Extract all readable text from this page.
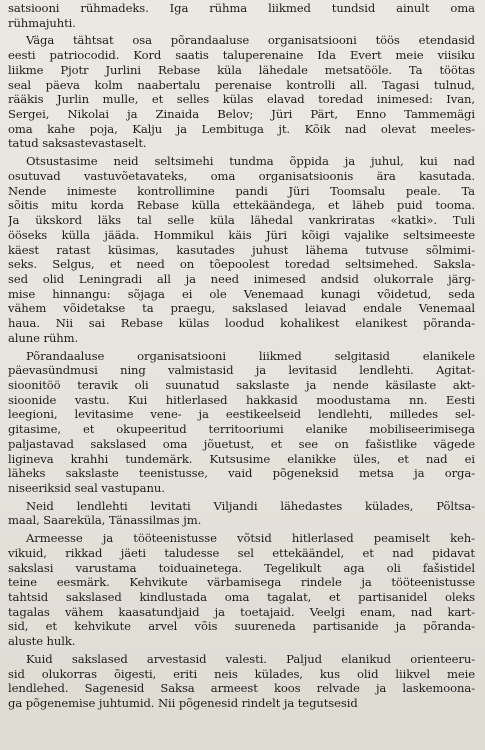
satsiooni rühmadeks. Iga rühma liikmed tundsid ainult oma
rühmajuhti.
Väga tähtsat osa põrandaaluse organisatsiooni töös etendasid
eesti patriocodid. Kord saatis taluperenaine Ida Evert meie viisiku
liikme Pjotr Jurlini Rebase küla lähedale metsatööle. Ta töötas
seal päeva kolm naabertalu perenaise kontrolli all. Tagasi tulnud,
rääkis Jurlin mulle, et selles külas elavad toredad inimesed: Ivan,
Sergei, Nikolai ja Zinaida Belov; Jüri Pärt, Enno Tammemägi
oma kahe poja, Kalju ja Lembituga jt. Kõik nad olevat meeles-
tatud saksastevastaselt.
Otsustasime neid seltsimehi tundma õppida ja juhul, kui nad
osutuvad vastuvõetavateks, oma organisatsioonis ära kasutada.
Nende inimeste kontrollimine pandi Jüri Toomsalu peale. Ta
sõitis mitu korda Rebase külla ettekäändega, et läheb puid tooma.
Ja ükskord läks tal selle küla lähedal vankriratas «katki». Tuli
ööseks külla jääda. Hommikul käis Jüri kõigi vajalike seltsimeeste
käest ratast küsimas, kasutades juhust lähema tutvuse sõlmimi-
seks. Selgus, et need on tõepoolest toredad seltsimehed. Saksla-
sed olid Leningradi all ja need inimesed andsid olukorrale järg-
mise hinnangu: sõjaga ei ole Venemaad kunagi võidetud, seda
vähem võidetakse ta praegu, sakslased leiavad endale Venemaal
haua. Nii sai Rebase külas loodud kohalikest elanikest põranda-
alune rühm.
Põrandaaluse organisatsiooni liikmed selgitasid elanikele
päevasündmusi ning valmistasid ja levitasid lendlehti. Agitat-
sioonitöö teravik oli suunatud sakslaste ja nende käsilaste akt-
sioonide vastu. Kui hitlerlased hakkasid moodustama nn. Eesti
leegioni, levitasime vene- ja eestikeelseid lendlehti, milledes sel-
gitasime, et okupeeritud territooriumi elanike mobiliseerimisega
paljastavad sakslased oma jõuetust, et see on fašistlike vägede
ligineva krahhi tundemärk. Kutsusime elanikke üles, et nad ei
läheks sakslaste teenistusse, vaid põgeneksid metsa ja orga-
niseeriksid seal vastupanu.
Neid lendlehti levitati Viljandi lähedastes külades, Põltsa-
maal, Saareküla, Tänassilmas jm.
Armeesse ja tööteenistusse võtsid hitlerlased peamiselt keh-
vikuid, rikkad jäeti taludesse sel ettekäändel, et nad pidavat
sakslasi varustama toiduainetega. Tegelikult aga oli fašistidel
teine eesmärk. Kehvikute värbamisega rindele ja tööteenistusse
tahtsid sakslased kindlustada oma tagalat, et partisanidel oleks
tagalas vähem kaasatundjaid ja toetajaid. Veelgi enam, nad kart-
sid, et kehvikute arvel võis suureneda partisanide ja põranda-
aluste hulk.
Kuid sakslased arvestasid valesti. Paljud elanikud orienteeru-
sid olukorras õigesti, eriti neis külades, kus olid liikvel meie
lendlehed. Sagenesid Saksa armeest koos relvade ja laskemoona-
ga põgenemise juhtumid. Nii põgenesid rindelt ja tegutsesid
